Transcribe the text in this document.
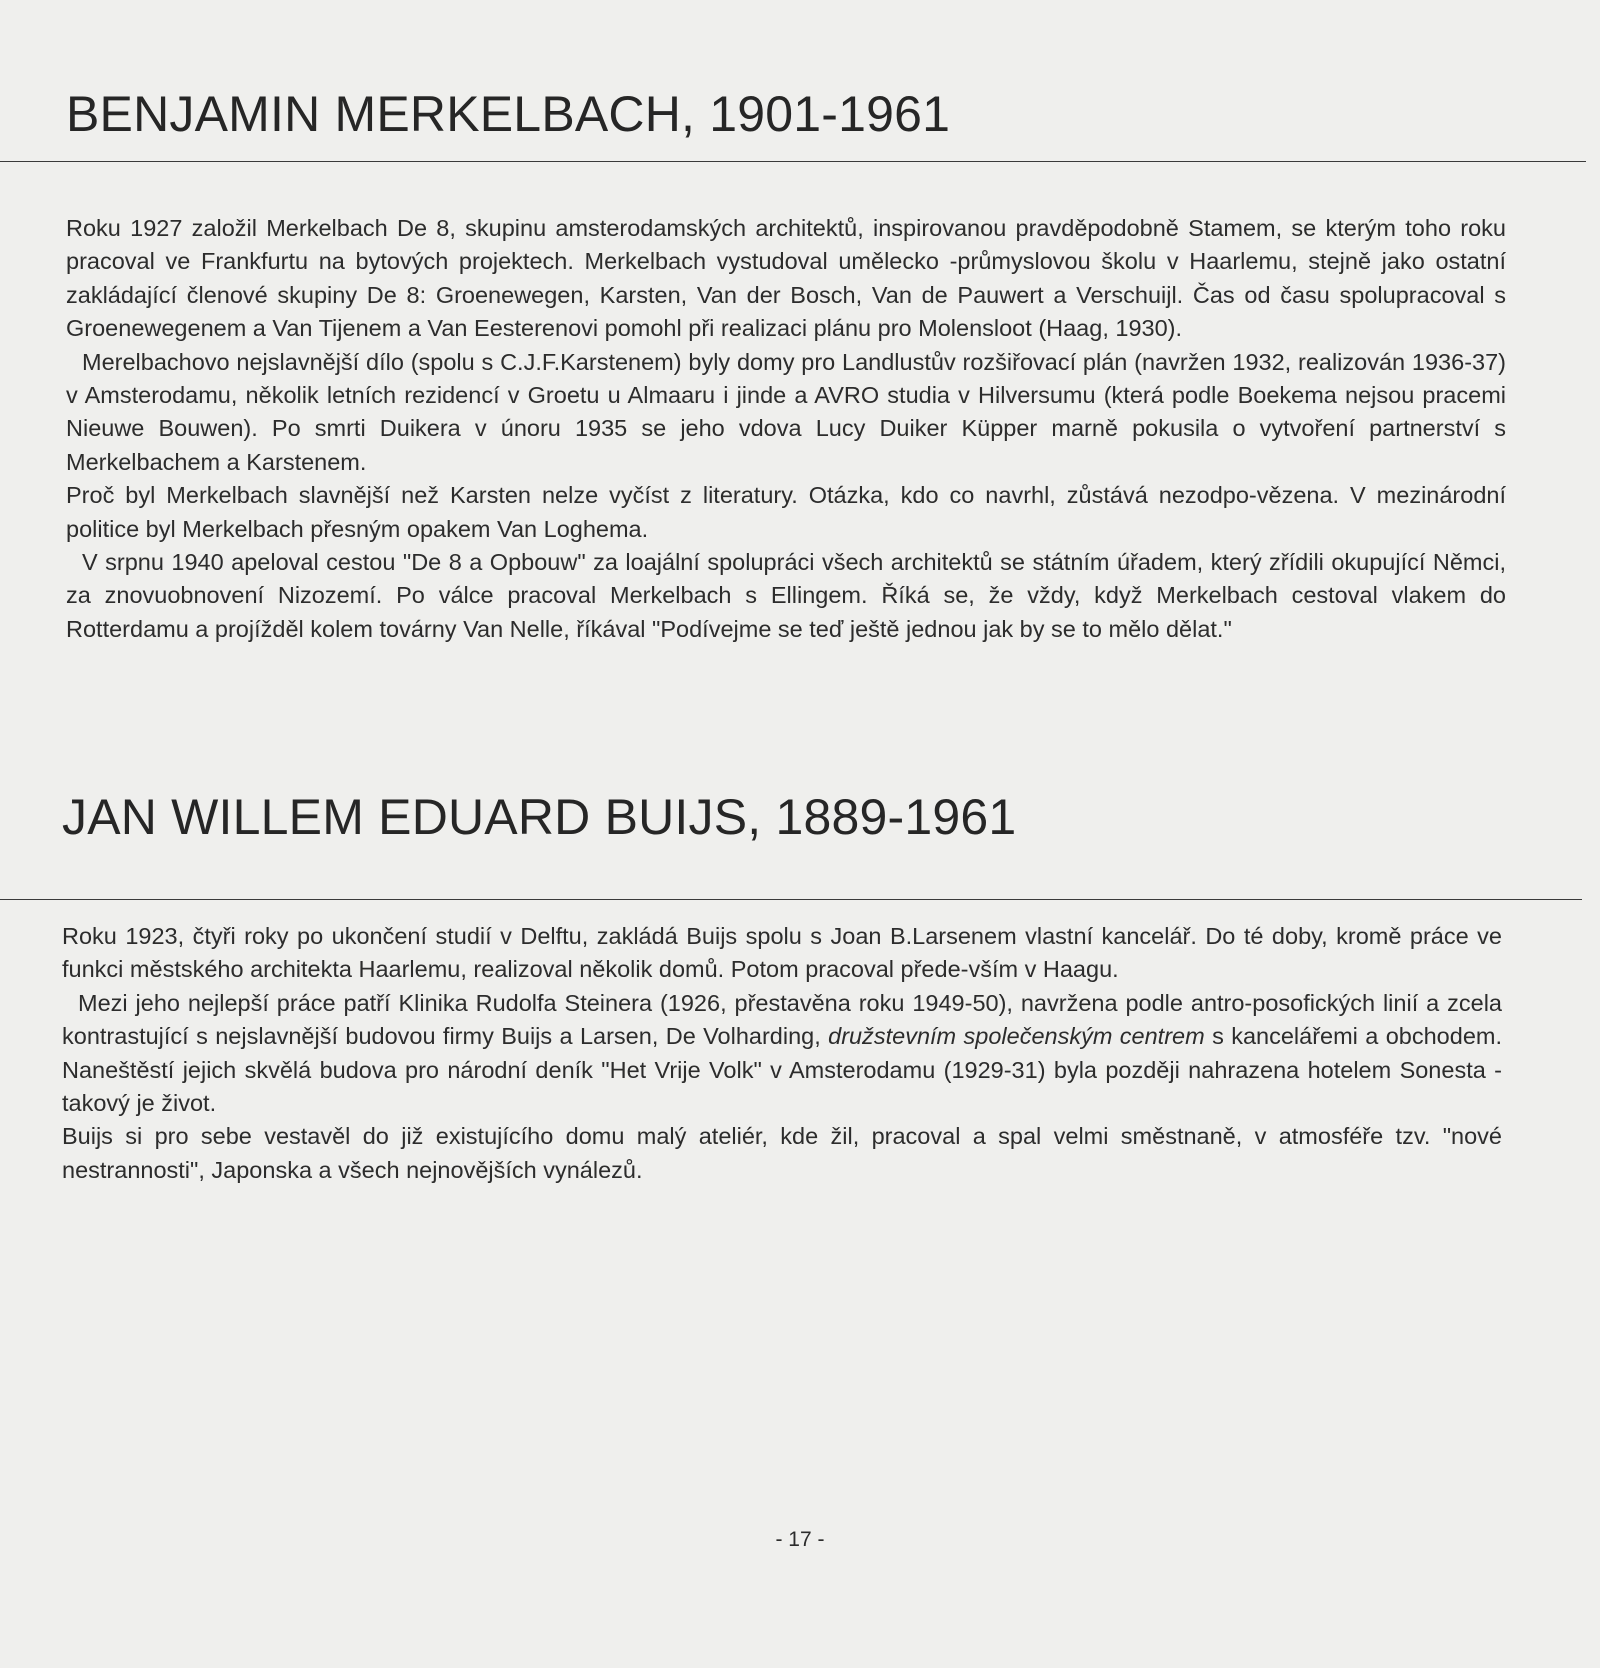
BENJAMIN MERKELBACH, 1901-1961

Roku 1927 založil Merkelbach De 8, skupinu amsterodamských architektů, inspirovanou pravděpodobně Stamem, se kterým toho roku pracoval ve Frankfurtu na bytových projektech. Merkelbach vystudoval umělecko -průmyslovou školu v Haarlemu, stejně jako ostatní zakládající členové skupiny De 8: Groenewegen, Karsten, Van der Bosch, Van de Pauwert a Verschuijl. Čas od času spolupracoval s Groenewegenem a Van Tijenem a Van Eesterenovi pomohl při realizaci plánu pro Molensloot (Haag, 1930).

Merelbachovo nejslavnější dílo (spolu s C.J.F.Karstenem) byly domy pro Landlustův rozšiřovací plán (navržen 1932, realizován 1936-37) v Amsterodamu, několik letních rezidencí v Groetu u Almaaru i jinde a AVRO studia v Hilversumu (která podle Boekema nejsou pracemi Nieuwe Bouwen). Po smrti Duikera v únoru 1935 se jeho vdova Lucy Duiker Küpper marně pokusila o vytvoření partnerství s Merkelbachem a Karstenem.

Proč byl Merkelbach slavnější než Karsten nelze vyčíst z literatury. Otázka, kdo co navrhl, zůstává nezodpo-vězena. V mezinárodní politice byl Merkelbach přesným opakem Van Loghema.

V srpnu 1940 apeloval cestou "De 8 a Opbouw" za loajální spolupráci všech architektů se státním úřadem, který zřídili okupující Němci, za znovuobnovení Nizozemí. Po válce pracoval Merkelbach s Ellingem. Říká se, že vždy, když Merkelbach cestoval vlakem do Rotterdamu a projížděl kolem továrny Van Nelle, říkával "Podívejme se teď ještě jednou jak by se to mělo dělat."

JAN WILLEM EDUARD BUIJS, 1889-1961

Roku 1923, čtyři roky po ukončení studií v Delftu, zakládá Buijs spolu s Joan B.Larsenem vlastní kancelář. Do té doby, kromě práce ve funkci městského architekta Haarlemu, realizoval několik domů. Potom pracoval přede-vším v Haagu.

Mezi jeho nejlepší práce patří Klinika Rudolfa Steinera (1926, přestavěna roku 1949-50), navržena podle antro-posofických linií a zcela kontrastující s nejslavnější budovou firmy Buijs a Larsen, De Volharding, družstevním společenským centrem s kancelářemi a obchodem. Naneštěstí jejich skvělá budova pro národní deník "Het Vrije Volk" v Amsterodamu (1929-31) byla později nahrazena hotelem Sonesta - takový je život.

Buijs si pro sebe vestavěl do již existujícího domu malý ateliér, kde žil, pracoval a spal velmi směstnaně, v atmosféře tzv. "nové nestrannosti", Japonska a všech nejnovějších vynálezů.

- 17 -
